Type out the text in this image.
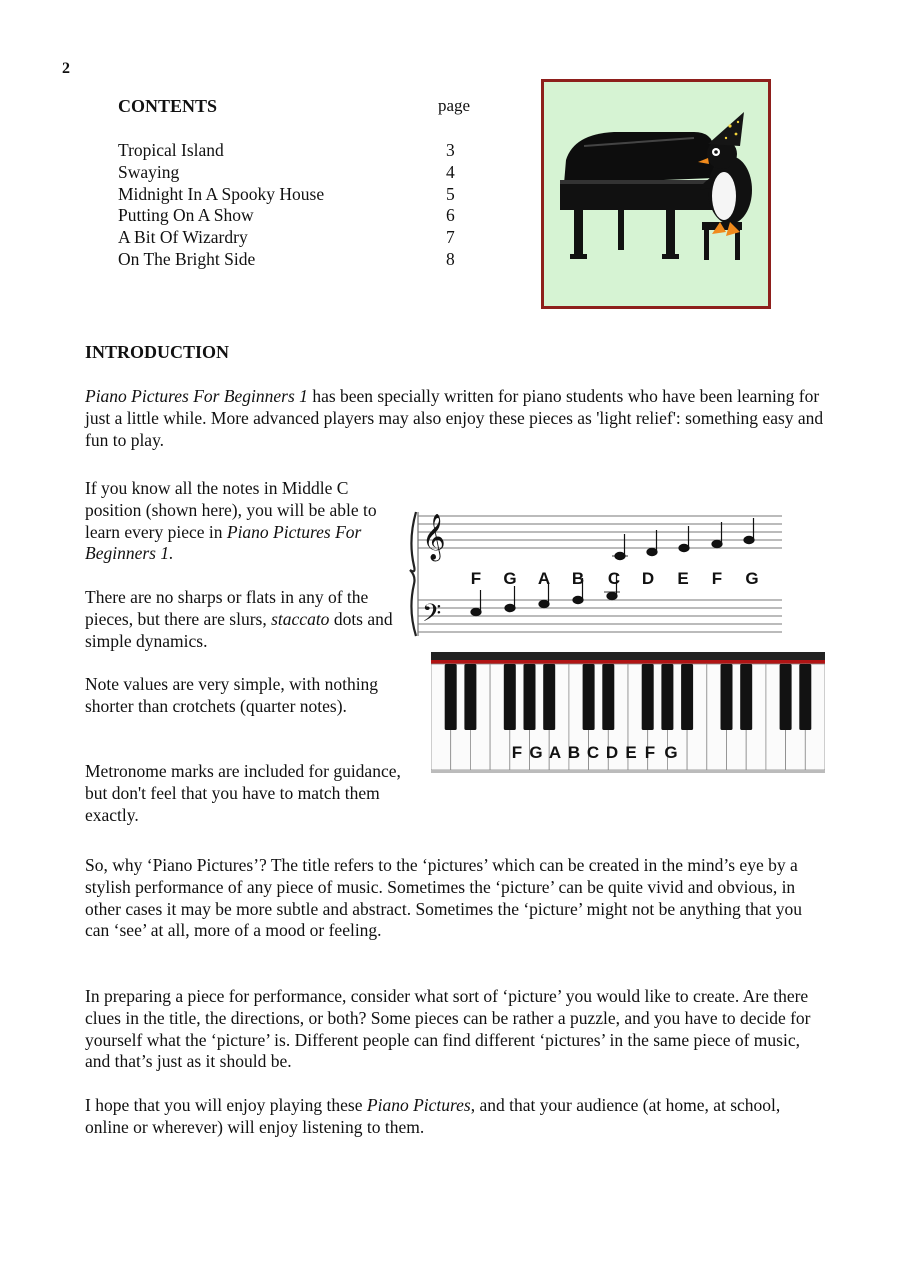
2
CONTENTS	page
Tropical Island	3
Swaying	4
Midnight In A Spooky House	5
Putting On A Show	6
A Bit Of Wizardry	7
On The Bright Side	8
INTRODUCTION
Piano Pictures For Beginners 1 has been specially written for piano students who have been learning for just a little while. More advanced players may also enjoy these pieces as 'light relief': something easy and fun to play.
If you know all the notes in Middle C position (shown here), you will be able to learn every piece in Piano Pictures For Beginners 1.
There are no sharps or flats in any of the pieces, but there are slurs, staccato dots and simple dynamics.
Note values are very simple, with nothing shorter than crotchets (quarter notes).
Metronome marks are included for guidance, but don't feel that you have to match them exactly.
𝄞
𝄢
F G A B C D E F G
F G A B C D E F G
So, why ‘Piano Pictures’? The title refers to the ‘pictures’ which can be created in the mind’s eye by a stylish performance of any piece of music. Sometimes the ‘picture’ can be quite vivid and obvious, in other cases it may be more subtle and abstract. Sometimes the ‘picture’ might not be anything that you can ‘see’ at all, more of a mood or feeling.
In preparing a piece for performance, consider what sort of ‘picture’ you would like to create. Are there clues in the title, the directions, or both? Some pieces can be rather a puzzle, and you have to decide for yourself what the ‘picture’ is. Different people can find different ‘pictures’ in the same piece of music, and that’s just as it should be.
I hope that you will enjoy playing these Piano Pictures, and that your audience (at home, at school, online or wherever) will enjoy listening to them.
